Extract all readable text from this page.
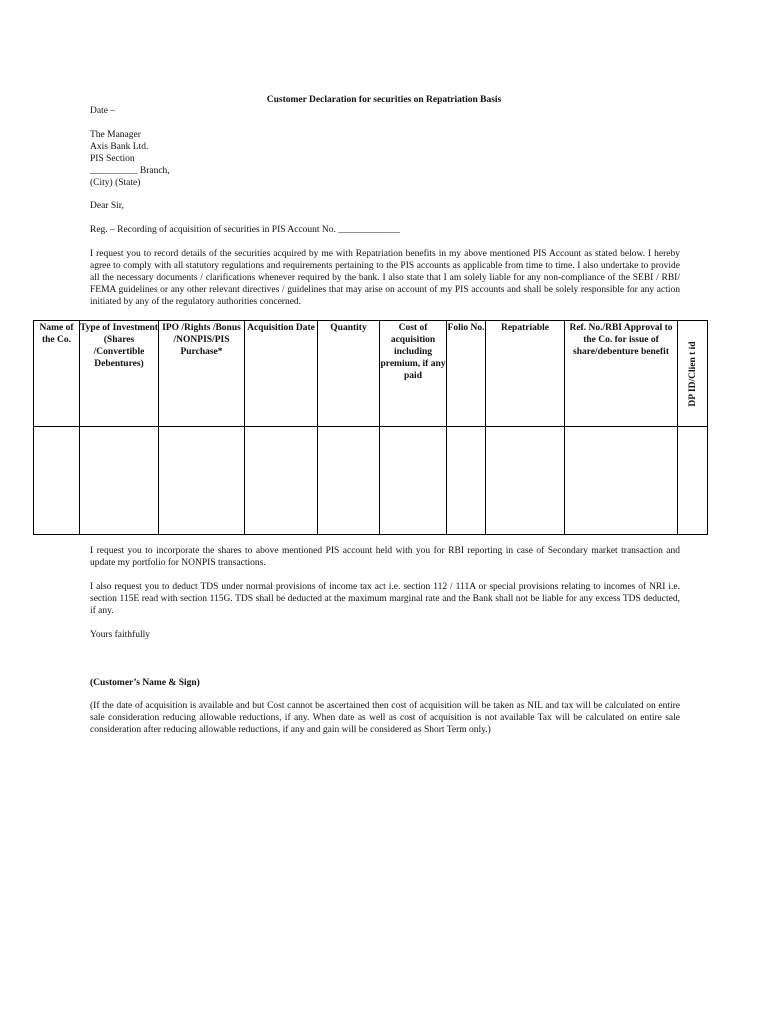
Customer Declaration for securities on Repatriation Basis
Date –
The Manager
Axis Bank Ltd.
PIS Section
__________ Branch,
(City) (State)
Dear Sir,
Reg. – Recording of acquisition of securities in PIS Account No. _____________
I request you to record details of the securities acquired by me with Repatriation benefits in my above mentioned PIS Account as stated below. I hereby agree to comply with all statutory regulations and requirements pertaining to the PIS accounts as applicable from time to time. I also undertake to provide all the necessary documents / clarifications whenever required by the bank. I also state that I am solely liable for any non-compliance of the SEBI / RBI/ FEMA guidelines or any other relevant directives / guidelines that may arise on account of my PIS accounts and shall be solely responsible for any action initiated by any of the regulatory authorities concerned.
Name of the Co.	Type of Investment (Shares /Convertible Debentures)	IPO /Rights /Bonus /NONPIS/PIS Purchase*	Acquisition Date	Quantity	Cost of acquisition including premium, if any paid	Folio No.	Repatriable	Ref. No./RBI Approval to the Co. for issue of share/debenture benefit	DP ID/Clien t id

I request you to incorporate the shares to above mentioned PIS account held with you for RBI reporting in case of Secondary market transaction and update my portfolio for NONPIS transactions.
I also request you to deduct TDS under normal provisions of income tax act i.e. section 112 / 111A or special provisions relating to incomes of NRI i.e. section 115E read with section 115G. TDS shall be deducted at the maximum marginal rate and the Bank shall not be liable for any excess TDS deducted, if any.
Yours faithfully
(Customer’s Name & Sign)
(If the date of acquisition is available and but Cost cannot be ascertained then cost of acquisition will be taken as NIL and tax will be calculated on entire sale consideration reducing allowable reductions, if any. When date as well as cost of acquisition is not available Tax will be calculated on entire sale consideration after reducing allowable reductions, if any and gain will be considered as Short Term only.)
